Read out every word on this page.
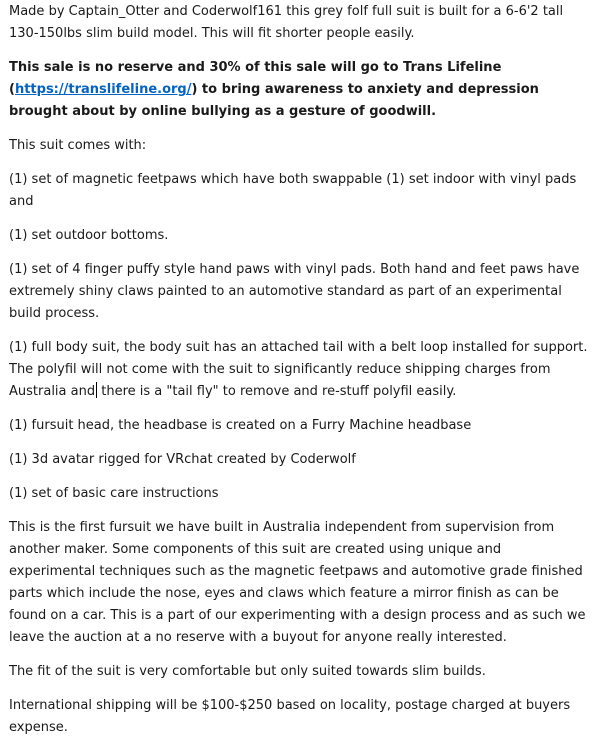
Made by Captain_Otter and Coderwolf161 this grey folf full suit is built for a 6-6'2 tall 130-150lbs slim build model. This will fit shorter people easily.

This sale is no reserve and 30% of this sale will go to Trans Lifeline (https://translifeline.org/) to bring awareness to anxiety and depression brought about by online bullying as a gesture of goodwill.

This suit comes with:

(1) set of magnetic feetpaws which have both swappable (1) set indoor with vinyl pads and

(1) set outdoor bottoms.

(1) set of 4 finger puffy style hand paws with vinyl pads. Both hand and feet paws have extremely shiny claws painted to an automotive standard as part of an experimental build process.

(1) full body suit, the body suit has an attached tail with a belt loop installed for support. The polyfil will not come with the suit to significantly reduce shipping charges from Australia and there is a "tail fly" to remove and re-stuff polyfil easily.

(1) fursuit head, the headbase is created on a Furry Machine headbase

(1) 3d avatar rigged for VRchat created by Coderwolf

(1) set of basic care instructions

This is the first fursuit we have built in Australia independent from supervision from another maker. Some components of this suit are created using unique and experimental techniques such as the magnetic feetpaws and automotive grade finished parts which include the nose, eyes and claws which feature a mirror finish as can be found on a car. This is a part of our experimenting with a design process and as such we leave the auction at a no reserve with a buyout for anyone really interested.

The fit of the suit is very comfortable but only suited towards slim builds.

International shipping will be $100-$250 based on locality, postage charged at buyers expense.
